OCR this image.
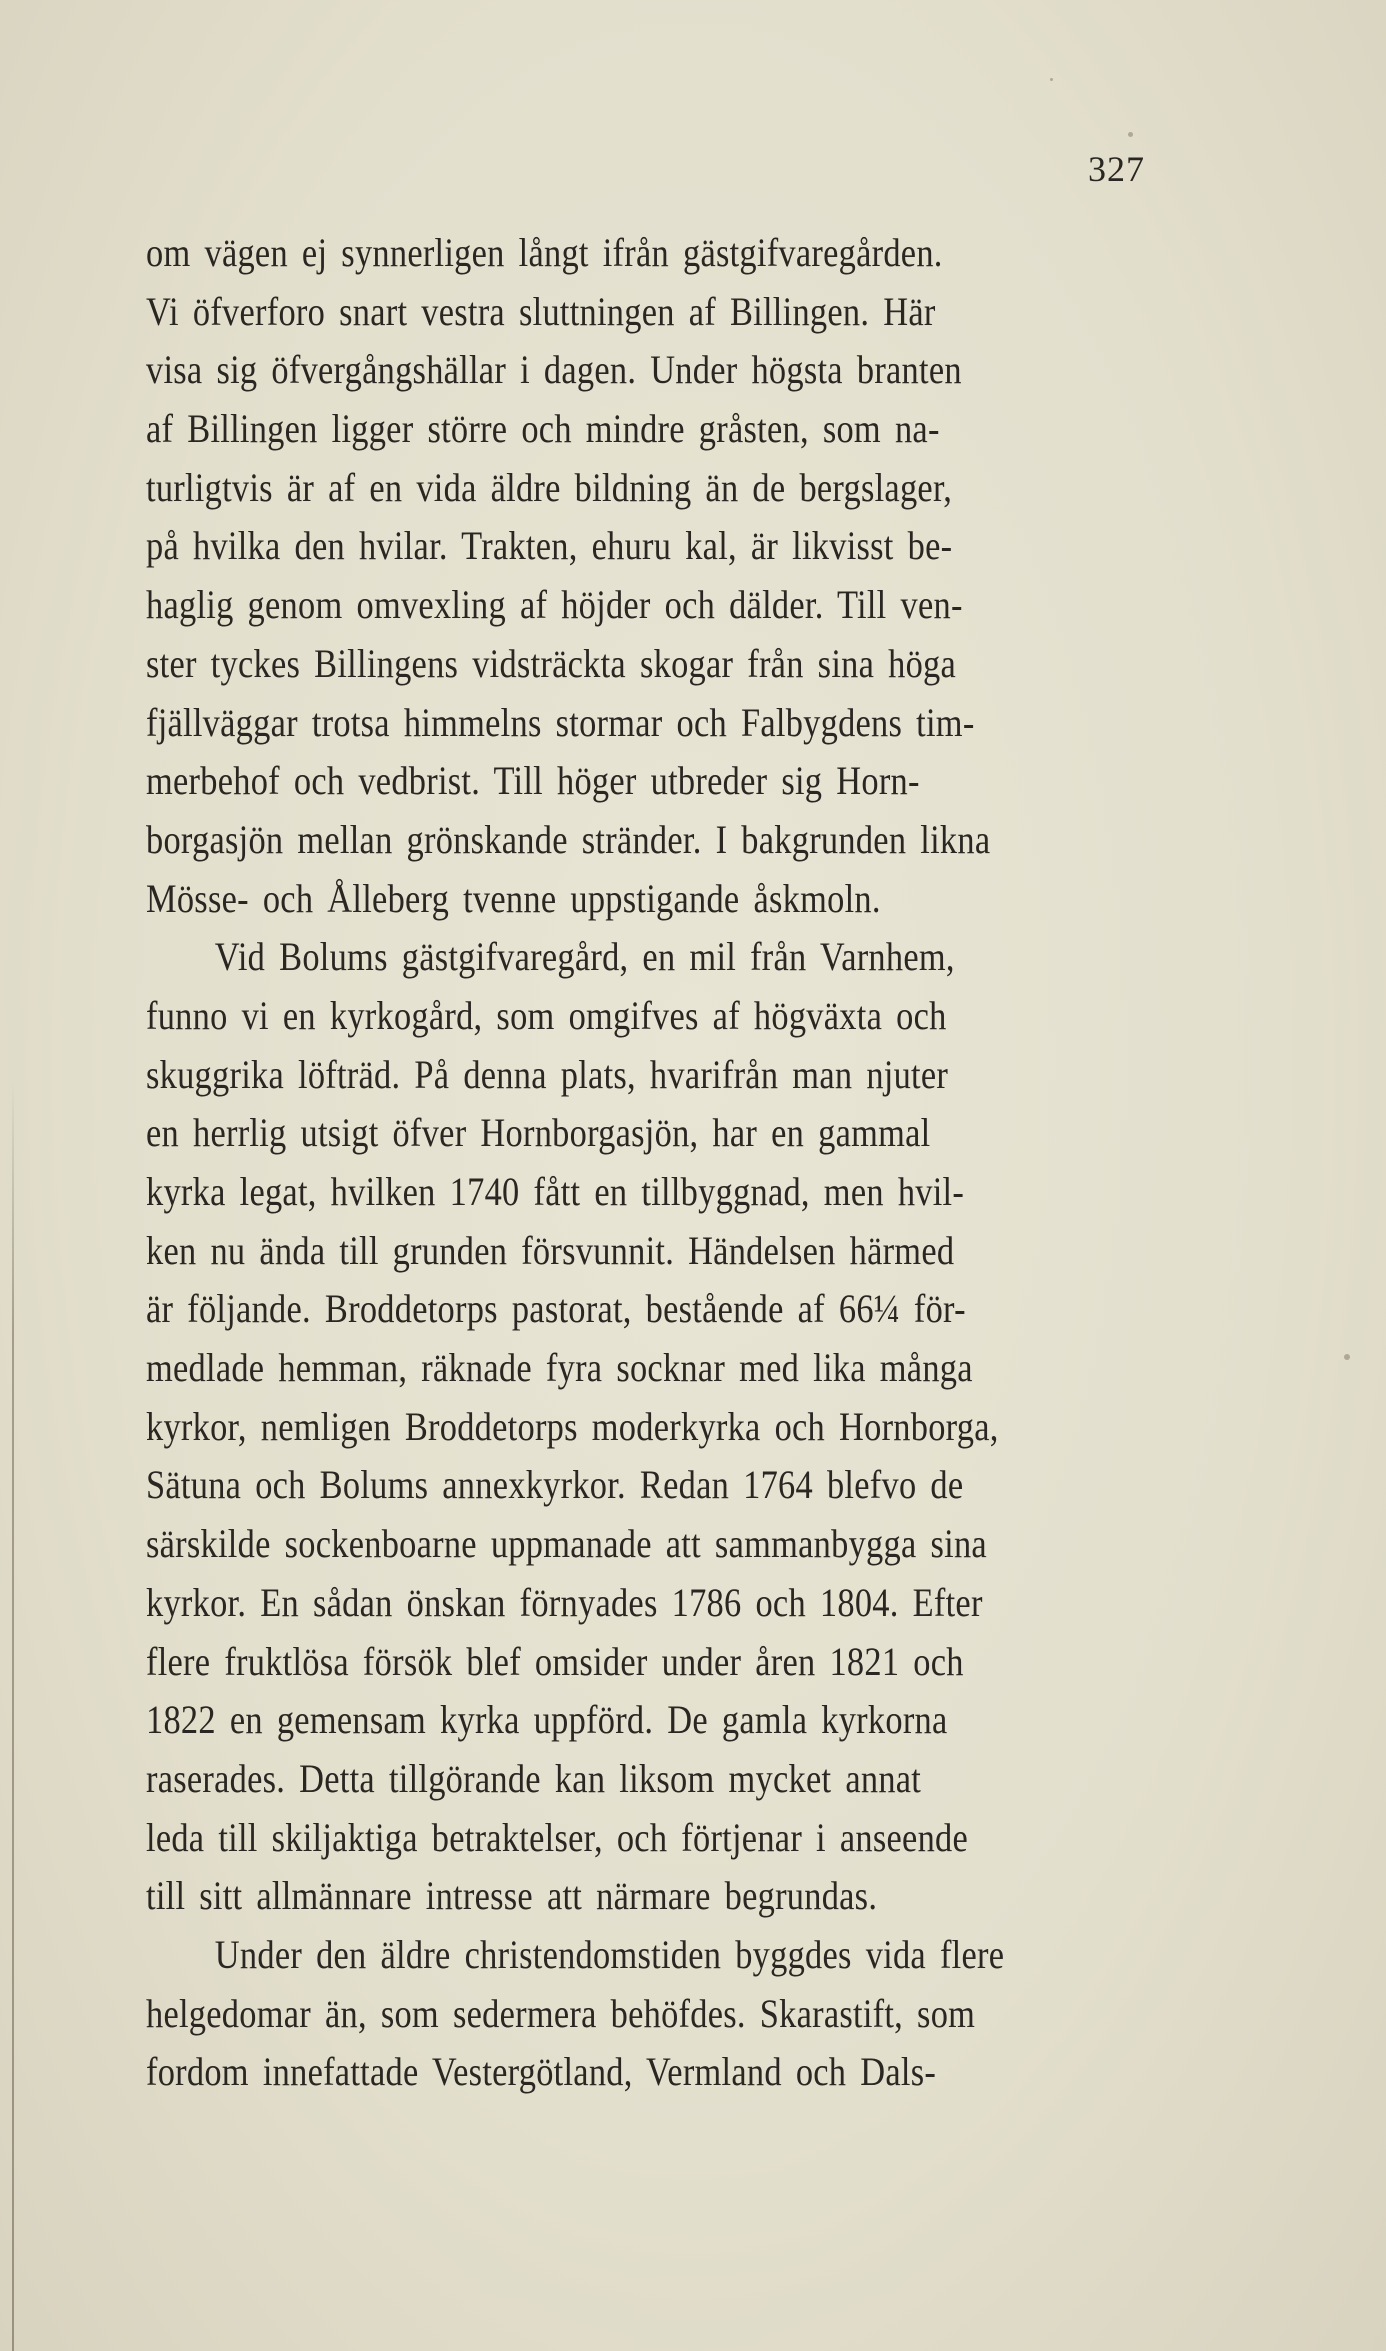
327
om vägen ej synnerligen långt ifrån gästgifvaregården.
Vi öfverforo snart vestra sluttningen af Billingen. Här
visa sig öfvergångshällar i dagen. Under högsta branten
af Billingen ligger större och mindre gråsten, som na-
turligtvis är af en vida äldre bildning än de bergslager,
på hvilka den hvilar. Trakten, ehuru kal, är likvisst be-
haglig genom omvexling af höjder och dälder. Till ven-
ster tyckes Billingens vidsträckta skogar från sina höga
fjällväggar trotsa himmelns stormar och Falbygdens tim-
merbehof och vedbrist. Till höger utbreder sig Horn-
borgasjön mellan grönskande stränder. I bakgrunden likna
Mösse- och Ålleberg tvenne uppstigande åskmoln.
Vid Bolums gästgifvaregård, en mil från Varnhem,
funno vi en kyrkogård, som omgifves af högväxta och
skuggrika löfträd. På denna plats, hvarifrån man njuter
en herrlig utsigt öfver Hornborgasjön, har en gammal
kyrka legat, hvilken 1740 fått en tillbyggnad, men hvil-
ken nu ända till grunden försvunnit. Händelsen härmed
är följande. Broddetorps pastorat, bestående af 66¼ för-
medlade hemman, räknade fyra socknar med lika många
kyrkor, nemligen Broddetorps moderkyrka och Hornborga,
Sätuna och Bolums annexkyrkor. Redan 1764 blefvo de
särskilde sockenboarne uppmanade att sammanbygga sina
kyrkor. En sådan önskan förnyades 1786 och 1804. Efter
flere fruktlösa försök blef omsider under åren 1821 och
1822 en gemensam kyrka uppförd. De gamla kyrkorna
raserades. Detta tillgörande kan liksom mycket annat
leda till skiljaktiga betraktelser, och förtjenar i anseende
till sitt allmännare intresse att närmare begrundas.
Under den äldre christendomstiden byggdes vida flere
helgedomar än, som sedermera behöfdes. Skarastift, som
fordom innefattade Vestergötland, Vermland och Dals-
